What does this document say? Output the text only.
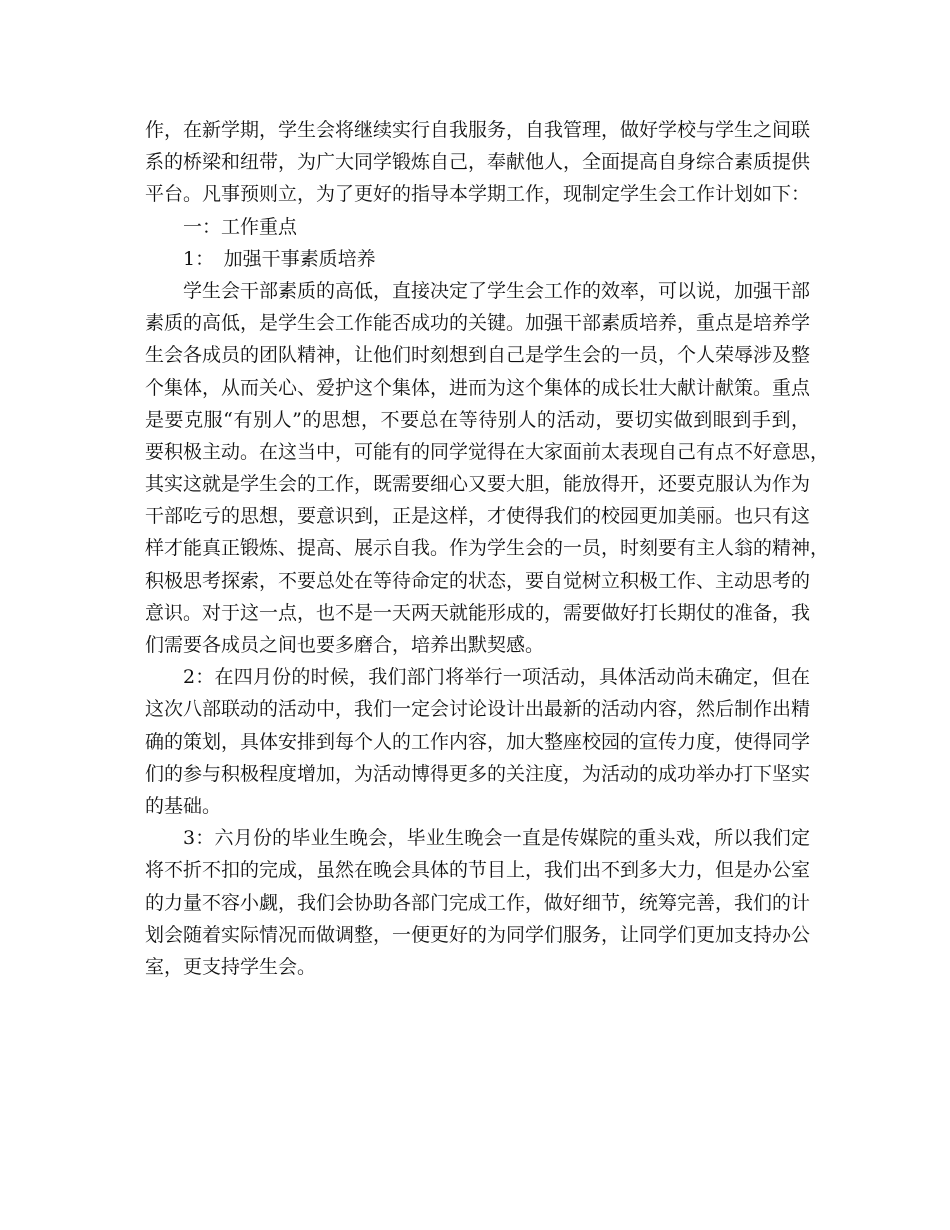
作，在新学期，学生会将继续实行自我服务，自我管理，做好学校与学生之间联
系的桥梁和纽带，为广大同学锻炼自己，奉献他人，全面提高自身综合素质提供
平台。凡事预则立，为了更好的指导本学期工作，现制定学生会工作计划如下：
一：工作重点
1：　加强干事素质培养
学生会干部素质的高低，直接决定了学生会工作的效率，可以说，加强干部
素质的高低，是学生会工作能否成功的关键。加强干部素质培养，重点是培养学
生会各成员的团队精神，让他们时刻想到自己是学生会的一员，个人荣辱涉及整
个集体，从而关心、爱护这个集体，进而为这个集体的成长壮大献计献策。重点
是要克服“有别人”的思想，不要总在等待别人的活动，要切实做到眼到手到，
要积极主动。在这当中，可能有的同学觉得在大家面前太表现自己有点不好意思，
其实这就是学生会的工作，既需要细心又要大胆，能放得开，还要克服认为作为
干部吃亏的思想，要意识到，正是这样，才使得我们的校园更加美丽。也只有这
样才能真正锻炼、提高、展示自我。作为学生会的一员，时刻要有主人翁的精神，
积极思考探索，不要总处在等待命定的状态，要自觉树立积极工作、主动思考的
意识。对于这一点，也不是一天两天就能形成的，需要做好打长期仗的准备，我
们需要各成员之间也要多磨合，培养出默契感。
2：在四月份的时候，我们部门将举行一项活动，具体活动尚未确定，但在
这次八部联动的活动中，我们一定会讨论设计出最新的活动内容，然后制作出精
确的策划，具体安排到每个人的工作内容，加大整座校园的宣传力度，使得同学
们的参与积极程度增加，为活动博得更多的关注度，为活动的成功举办打下坚实
的基础。
3：六月份的毕业生晚会，毕业生晚会一直是传媒院的重头戏，所以我们定
将不折不扣的完成，虽然在晚会具体的节目上，我们出不到多大力，但是办公室
的力量不容小觑，我们会协助各部门完成工作，做好细节，统筹完善，我们的计
划会随着实际情况而做调整，一便更好的为同学们服务，让同学们更加支持办公
室，更支持学生会。
